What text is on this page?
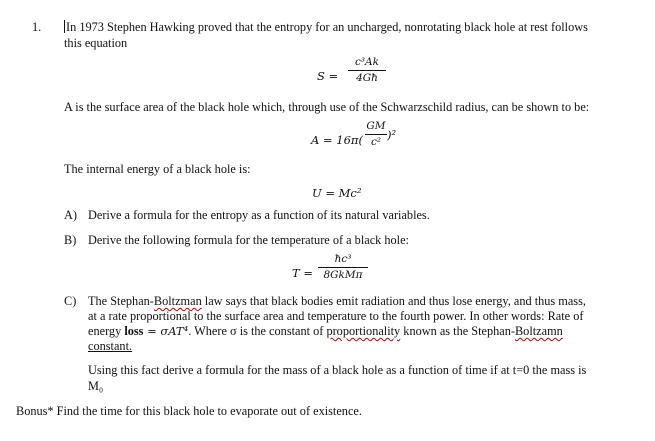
1. In 1973 Stephen Hawking proved that the entropy for an uncharged, nonrotating black hole at rest follows
this equation
S =
c³Ak
4Għ
A is the surface area of the black hole which, through use of the Schwarzschild radius, can be shown to be:
A = 16π(
GM
c² )²
The internal energy of a black hole is:
U = Mc²
A) Derive a formula for the entropy as a function of its natural variables.
B) Derive the following formula for the temperature of a black hole:
T =
ħc³
8GkMπ
C) The Stephan-Boltzman law says that black bodies emit radiation and thus lose energy, and thus mass,
at a rate proportional to the surface area and temperature to the fourth power. In other words: Rate of
energy loss = σAT⁴. Where σ is the constant of proportionality known as the Stephan-Boltzamn
constant.
Using this fact derive a formula for the mass of a black hole as a function of time if at t=0 the mass is
M₀
Bonus* Find the time for this black hole to evaporate out of existence.
